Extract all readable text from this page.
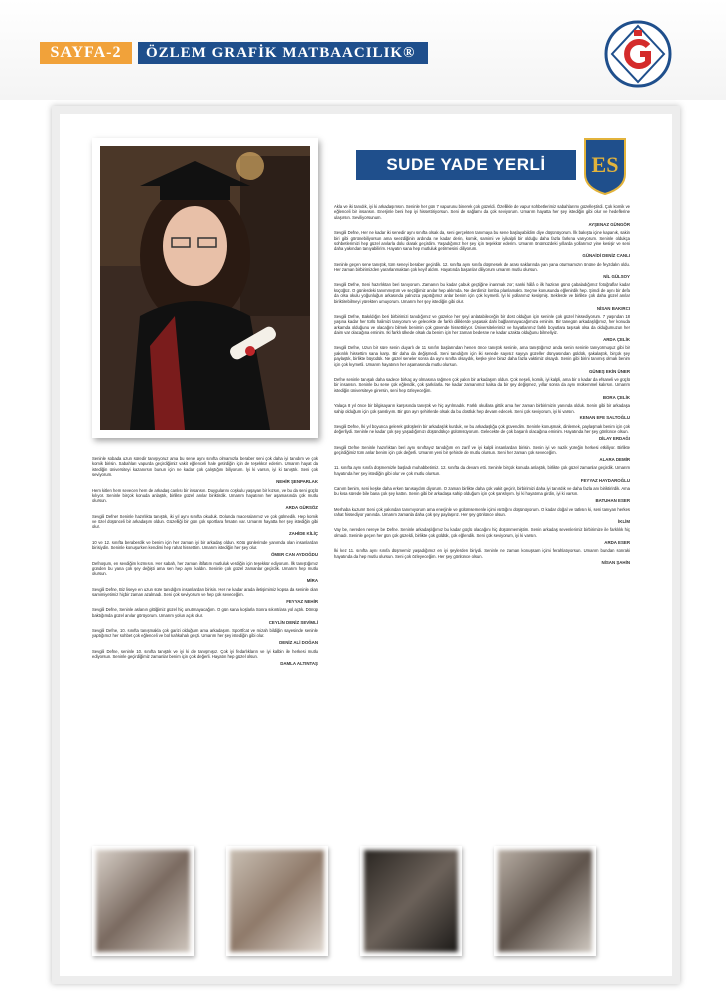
SAYFA-2	ÖZLEM GRAFİK MATBAACILIK®
SUDE YADE YERLİ	ES

Akla ve iki tanıdık, iyi ki arkadaşımsın. Seninle her gün 7 vapurunu binerek çok güzeldi. Özellikle de vapur sohbetlerimiz sabahlarımı güzelleştirdi. Çok komik ve eğlenceli bir insansın. Enerjinle beni hep iyi hissettiriyorsun. Seni de sağlamı da çok seviyorum. Umarım hayatta her şey istediğin gibi olur ve hedeflerine ulaşırsın. Seviliyorsunum.

AYŞENAZ GÜNGÖR

Sevgili Defne, Her ne kadar iki senedir aynı sınıfta olsak da, seni gerçekten tanımaya bu sene başlayabildim diye düşünüyorum. İlk bakışta içine kapanık, sakin biri gibi görünebiliyorsun ama seezdiğinin ardında ne kadar derin, komik, samimi ve iyikalpli bir olduğu daha fazla farkına varıyorum. Seninle oldukça sohbetlerimizi hep güzel anılarla dolu olarak geçirdim. Yaşadığımız her şey için teşekkür ederim. Umarım önümüzdeki yıllarda yollarımız yine kesişir ve seni daha yakından tanıyabilirim. Hayatın sana hep mutluluk getirmesini diliyorum.

GÜNAİDİ DENİZ CANLI

Seninle geçen sene tanıştık, tüm seneyi beraber geçirdik. 12. sınıfta aynı sınıfa düşmesek de arası saklarında yan yana oturmamızın önüne de feyzdalın oldu. Her zaman birbirimizden yararlanmaktan çok keyif aldım. Hayatında başarılar diliyorum umarım mutlu olursun.

NİL GÜLSOY

Sevgili Defne, Seni hazırlıktan beri tanıyorum. Zamanın bu kadar çabuk geçtiğine inanmak zor; sanki hâlâ o ilk haziran günü çabaladığımız fotoğraflar kadar küçüğüz. O günlerdeki tanımmıştım ve seçtiğimiz anılar hep aklımda. Ne derdimiz lomba planlamaktı. Seçme konusunda eğlenirdik hep. Şimdi de aynı bir defa da olsa okulu yoğunluğun arkasında yalnızca yapıtığımız anlar benim için çok kıymetli. İyi ki yollarımız kesişmiş. Seklerde ve birlikte çok daha güzel anılar biriktirebilmeyi yürekten umuyorum. Umarım her şey istediğin gibi olur.

NİSAN BAKIRCI

Sevgili Defne, Bakıldığın beri birbirimizi tanıdığımız ve güzelce her şeyi anlatabileceğin bir dost olduğun için seninle çok güzel hissediyorum. 7 yaşından 18 yaşına kadar her türlü halimizi tanıyorum ve gelecekte de farklı diliklerde yaşasak dahi bağlanmayacağımıza eminim. Bir tanegün arkadaşlığımız, her konuda arkamda olduğunu ve olacağını bilmek benimin çok güvende hissettiriyor. Üniversitelerimiz ve hayatlarımız farklı boyutlara taşısak olsa da olduğumuzun her daim var olacağına eminim. Iki farklı ülkede olsak da benim için her zaman bedesne ne kadar uzakta olduğunu bilmeliyiz.

ARDA ÇELİK

Sevgili Defne, Uzun bir süre senin duyarlı de 11 sınıfın başlarından henen önce tanıştık seninle, ama tanıştığımız anda senin seninle tanıyormuşuz gibi bir yakınlık hissettim sana karşı. Bir daha da değişmedi. Seni tanıdığım için iki senede sayısız sayıya güzeller dünyasından güldük, şakalaştık, birçok şey paylaştık, birlikte büyüdük. Ne güzel seneler sonra da aynı sınıfta olsaydık, keşke yine biraz daha fazla vaktimiz olsaydı. Senin gibi birini tanımış olmak benim için çok kıymetli. Umarım hayatının her aşamasında mutlu olursun.

GÜNEŞ EKİN ÜNER

Defne seninle tanışalı daha sadece birkaç ay olmasına rağmen çok yakın bir arkadaşım oldun. Çok neşeli, komik, iyi kalpli, ama bir o kadar da efsaneli ve güçlü bir insansın. Seninle bu sene çok eğlendik, çok şarkılarla. Ne kadar zamanımız kalsa da bir şey değişmez, yıllar sonra da aynı mükemmel kalırsın. Umarım istediğin üniversiteye girersin, seni hep özleyeceğim.

BORA ÇELİK

Yalaça 8 yıl önce bir bilgisayarın karşısında tanıştık ve hiç ayrılmadık. Farklı okullara gittik ama her zaman birbirimizin yanında olduk. Senin gibi bir arkadaşa sahip olduğum için çok şanslıyım. Bir gün ayrı şehirlerde olsak da bu dostluk hep devam edecek. Seni çok seviyorum, iyi ki varsın.

KENAN EFE SALTOĞLU

Sevgili Defne, İki yıl boyunca gelerek gülüşlerin bir arkadaşlık kurduk, ve bu arkadaşlığa çok güvendim. Seninle konuşmak, dinlemek, paylaşmak benim için çok değerliydi. Seninle ne kadar çok şey yaşadığımızı düşündükçe gülümsüyorum. Gelecekte de çok başarılı olacağına eminim. Hayatında her şey gönlünce olsun.

DİLAY ERDAĞI

Sevgili Defne Seninle hazırlıktan beri aynı sınıftayız tanıdığım en zarif ve iyi kalpli insanlardan birisin. Senin iyi ve nazik yüreğin herkesi etkiliyor. Birlikte geçirdiğimiz tüm anlar benim için çok değerli. Umarım yeni bir şehirde de mutlu olursun. Seni her zaman çok seveceğim.

ALARA DEMİR

11. sınıfta aynı sınıfa düşmemizle başladı muhabbetimiz. 12. sınıfta da devam etti. Seninle birçok konuda anlaştık, birlikte çok güzel zamanlar geçirdik. Umarım hayatında her şey istediğin gibi olur ve çok mutlu olursun.

FEYYAZ HAYDAROĞLU

Canım benim, seni keşke daha erken tanısaydım diyorum. O zaman birlikte daha çok vakit geçirir, birbirimizi daha iyi tanırdık ve daha fazla anı biriktirirdik. Ama bu kısa sürede bile bana çok şey kattın. Senin gibi bir arkadaşa sahip olduğum için çok şanslıyım. İyi ki hayatıma girdin, iyi ki varsın.

BATUHAN ESER

Merhaba kuzum! Seni çok yakından tanımıyorum ama enerjinle ve gülümsemenle içimi ısıttığını düşünüyorum. O kadar doğal ve tatlısın ki, seni tanıyan herkes rahat hissediyor yanında. Umarım zamanla daha çok şey paylaşırız. Her şey gönlünce olsun.

İKLİM

Vay be, nereden nereye be Defne. Seninle arkadaşlığımız bu kadar güçlü olacağını hiç düşünmemiştim. Senin arkadaş sevenlerimiz birbirimize ile farklılık hiç olmadı. Seninle geçen her gün çok güzeldi, birlikte çok güldük, çok eğlendik. Seni çok seviyorum, iyi ki varsın.

ARDA ESER

İki kez 11. sınıfta aynı sınıfa düşmemiz yaşadığımız en iyi şeylerden biriydi. Seninle ne zaman konuşsam içimi ferahlatıyorsun. Umarım bundan sonraki hayatında da hep mutlu olursun. Seni çok özleyeceğim. Her şey gönlünce olsun.

NİSAN ŞAHİN

Seninle sobada uzun süredir tanışıyoruz ama bu sene aynı sınıfta olmamızla beraber seni çok daha iyi tanıdım ve çok komik birisin. Sabahları vapurda geçirdiğimiz vakit eğlenceli hale getirdiğin için de teşekkür ederim. Umarım hayat da istediğin üniversiteyi kazanırsın bunun için ne kadar çok çalıştığını biliyorum. İyi ki varsın, iyi ki tanıştık. Seni çok seviyorum.

NEHİR ŞENPARLAK

Hem kitlen hem sevecen hem de arkadaş canlısı bir insansın. Duygularını coşkulu yaşayan bir kızsın, ve bu da seni güçlü kılıyor. Seninle birçok konuda anlaştık, birlikte güzel anılar biriktirdik. Umarım hayatının her aşamasında çok mutlu olursun.

ARDA GÜRSÖZ

Sevgili Defne! Seninle hazırlıkta tanıştık, iki yıl aynı sınıfta okuduk. Dolunda maceralarımız ve çok gülmedik. Hep komik ve özel düşünceli bir arkadaşım oldun. Güzelliği bir gün çok sportlara fırsatın var. Umarım hayatta her şey istediğin gibi olur.

ZAHİDE KİLİÇ

10 ve 12. sınıfta beraberdik ve benim için her zaman iyi bir arkadaş oldun. Kötü günlerimde yanımda olan insanlardan birisiydin. Seninle konuşurken kendimi hep rahat hissettim. Umarım istediğin her şey olur.

ÖMER CAN AYDOĞDU

Defnoşum, en sevdiğim kızmısın. Her sabah, her zaman iltifatım mutluluk verdiğin için teşekkür ediyorum. İlk tanıştığımız günden bu yana çok şey değişti ama sen hep aynı kaldın. Seninle çok güzel zamanlar geçirdik. Umarım hep mutlu olursun.

MİRA

Sevgili Defne, Biz liseye en uzun süre tanıdığım insanlardan birisin. Her ne kadar arada iletişimimiz kopsa da seninle olan samimiyetimiz hiçbir zaman azalmadı. Seni çok seviyorum ve hep çok seveceğim.

FEYYAZ NEHİR

Sevgili Defne, Seninle aslanın gittiğimiz güzel hiç unutmayacağım. O gün sana koşlarla Sonra sıkıntılara yol açtık. Dönüp baktığımda güzel anılar görüyorum. Umarım yolun açık olur.

CEYLİN DENİZ SEVİMLİ

Sevgili Defne, 10. sınıfta tanışmakla çok garizi olduğum ama arkadaşım. Sportfcat ve mizah bildiğin sayesinde seninle yaptığımız her sohbet çok eğlenceli ve bol kahkahalı geçti. Umarım her şey istediğin gibi olur.

DENİZ ALİ DOĞAN

Sevgili Defne, seninle 10. sınıfta tanıştık ve iyi ki de tanışmışız. Çok iyi fedarlıkların ve iyi kalbin ile herkesi mutlu ediyorsun. Seninle geçirdiğimiz zamanlar benim için çok değerli. Hayatın hep güzel olsun.

DAMLA ALTINTAŞ
